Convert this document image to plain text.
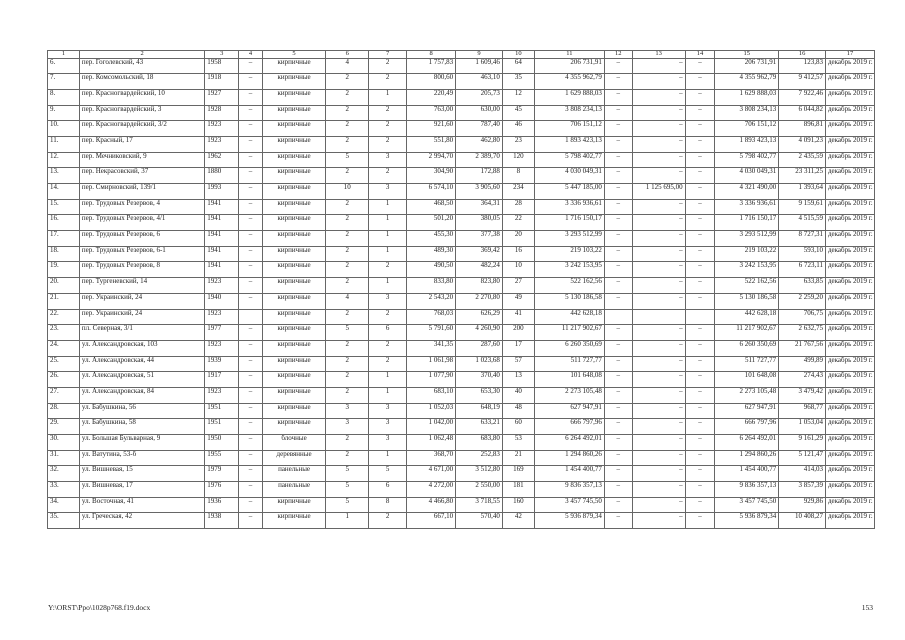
1	2	3	4	5	6	7	8	9	10	11	12	13	14	15	16	17
6.	пер. Гоголевский, 43	1958	–	кирпичные	4	2	1 757,83	1 609,46	64	206 731,91	–	–	–	206 731,91	123,83	декабрь 2019 г.
7.	пер. Комсомольский, 18	1918	–	кирпичные	2	2	800,60	463,10	35	4 355 962,79	–	–	–	4 355 962,79	9 412,57	декабрь 2019 г.
8.	пер. Красногвардейский, 10	1927	–	кирпичные	2	1	220,49	205,73	12	1 629 888,03	–	–	–	1 629 888,03	7 922,46	декабрь 2019 г.
9.	пер. Красногвардейский, 3	1928	–	кирпичные	2	2	763,00	630,00	45	3 808 234,13	–	–	–	3 808 234,13	6 044,82	декабрь 2019 г.
10.	пер. Красногвардейский, 3/2	1923	–	кирпичные	2	2	921,60	787,40	46	706 151,12	–	–	–	706 151,12	896,81	декабрь 2019 г.
11.	пер. Красный, 17	1923	–	кирпичные	2	2	551,80	462,80	23	1 893 423,13	–	–	–	1 893 423,13	4 091,23	декабрь 2019 г.
12.	пер. Мечниковский, 9	1962	–	кирпичные	5	3	2 994,70	2 389,70	120	5 798 402,77	–	–	–	5 798 402,77	2 435,59	декабрь 2019 г.
13.	пер. Некрасовский, 37	1880	–	кирпичные	2	2	304,90	172,88	8	4 030 049,31	–	–	–	4 030 049,31	23 311,25	декабрь 2019 г.
14.	пер. Смирновский, 139/1	1993	–	кирпичные	10	3	6 574,10	3 905,60	234	5 447 185,00	–	1 125 695,00	–	4 321 490,00	1 393,64	декабрь 2019 г.
15.	пер. Трудовых Резервов, 4	1941	–	кирпичные	2	1	468,50	364,31	28	3 336 936,61	–	–	–	3 336 936,61	9 159,61	декабрь 2019 г.
16.	пер. Трудовых Резервов, 4/1	1941	–	кирпичные	2	1	501,20	380,05	22	1 716 150,17	–	–	–	1 716 150,17	4 515,59	декабрь 2019 г.
17.	пер. Трудовых Резервов, 6	1941	–	кирпичные	2	1	455,30	377,38	20	3 293 512,99	–	–	–	3 293 512,99	8 727,31	декабрь 2019 г.
18.	пер. Трудовых Резервов, 6-1	1941	–	кирпичные	2	1	489,30	369,42	16	219 103,22	–	–	–	219 103,22	593,10	декабрь 2019 г.
19.	пер. Трудовых Резервов, 8	1941	–	кирпичные	2	2	490,50	482,24	10	3 242 153,95	–	–	–	3 242 153,95	6 723,11	декабрь 2019 г.
20.	пер. Тургеневский, 14	1923	–	кирпичные	2	1	833,80	823,80	27	522 162,56	–	–	–	522 162,56	633,85	декабрь 2019 г.
21.	пер. Украинский, 24	1940	–	кирпичные	4	3	2 543,20	2 270,80	49	5 130 186,58	–	–	–	5 130 186,58	2 259,20	декабрь 2019 г.
22.	пер. Украинский, 24	1923		кирпичные	2	2	768,03	626,29	41	442 628,18				442 628,18	706,75	декабрь 2019 г.
23.	пл. Северная, 3/1	1977	–	кирпичные	5	6	5 791,60	4 260,90	200	11 217 902,67	–	–	–	11 217 902,67	2 632,75	декабрь 2019 г.
24.	ул. Александровская, 103	1923	–	кирпичные	2	2	341,35	287,60	17	6 260 350,69	–	–	–	6 260 350,69	21 767,56	декабрь 2019 г.
25.	ул. Александровская, 44	1939	–	кирпичные	2	2	1 061,98	1 023,68	57	511 727,77	–	–	–	511 727,77	499,89	декабрь 2019 г.
26.	ул. Александровская, 51	1917	–	кирпичные	2	1	1 077,90	370,40	13	101 648,08	–	–	–	101 648,08	274,43	декабрь 2019 г.
27.	ул. Александровская, 84	1923	–	кирпичные	2	1	683,10	653,30	40	2 273 105,48	–	–	–	2 273 105,48	3 479,42	декабрь 2019 г.
28.	ул. Бабушкина, 56	1951	–	кирпичные	3	3	1 052,03	648,19	48	627 947,91	–	–	–	627 947,91	968,77	декабрь 2019 г.
29.	ул. Бабушкина, 58	1951	–	кирпичные	3	3	1 042,00	633,21	60	666 797,96	–	–	–	666 797,96	1 053,04	декабрь 2019 г.
30.	ул. Большая Бульварная, 9	1950	–	блочные	2	3	1 062,48	683,80	53	6 264 492,01	–	–	–	6 264 492,01	9 161,29	декабрь 2019 г.
31.	ул. Ватутина, 53-б	1955	–	деревянные	2	1	368,70	252,83	21	1 294 860,26	–	–	–	1 294 860,26	5 121,47	декабрь 2019 г.
32.	ул. Вишневая, 15	1979	–	панельные	5	5	4 671,00	3 512,80	169	1 454 400,77	–	–	–	1 454 400,77	414,03	декабрь 2019 г.
33.	ул. Вишневая, 17	1976	–	панельные	5	6	4 272,00	2 550,00	181	9 836 357,13	–	–	–	9 836 357,13	3 857,39	декабрь 2019 г.
34.	ул. Восточная, 41	1936	–	кирпичные	5	8	4 466,80	3 718,55	160	3 457 745,50	–	–	–	3 457 745,50	929,86	декабрь 2019 г.
35.	ул. Греческая, 42	1938	–	кирпичные	1	2	667,10	570,40	42	5 936 879,34	–	–	–	5 936 879,34	10 408,27	декабрь 2019 г.
Y:\ORST\Ppo\1028p768.f19.docx	153
